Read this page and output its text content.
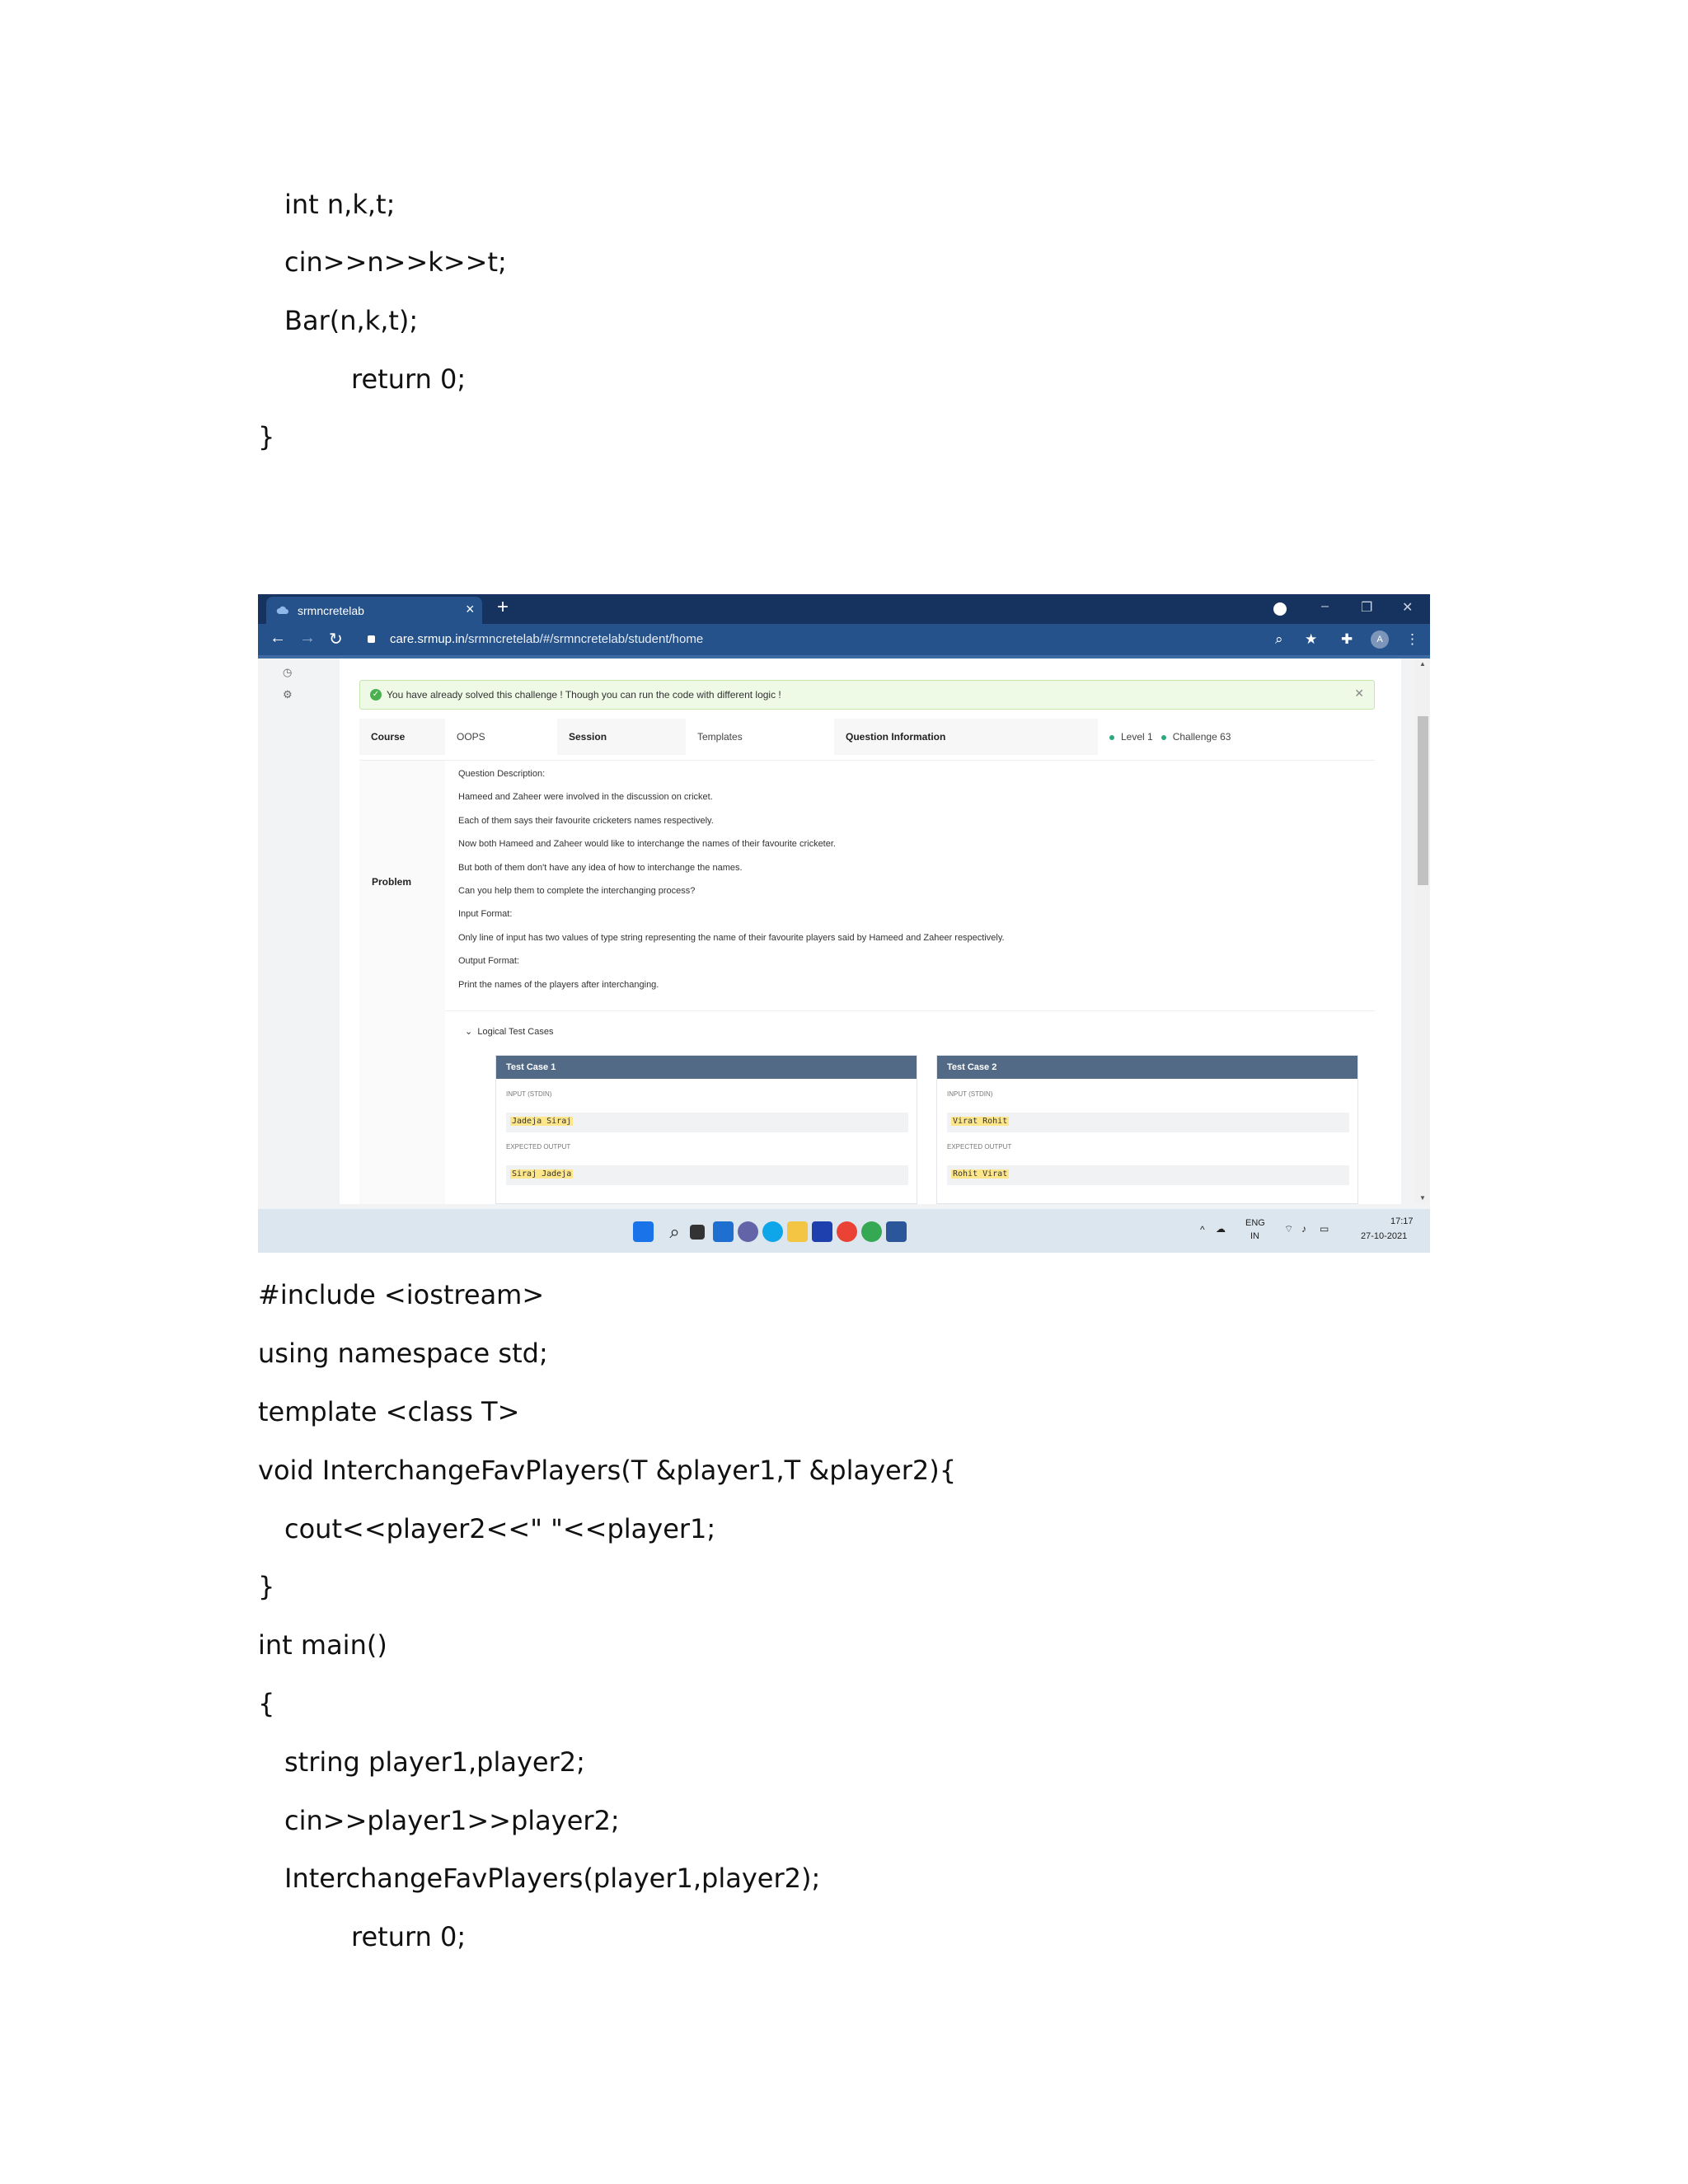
int n,k,t;
cin>>n>>k>>t;
Bar(n,k,t);
return 0;
}
srmncretelab	× +	– ❐ ✕
← → ↻	care.srmup.in/srmncretelab/#/srmncretelab/student/home	⌕ ★ ✚	A	⋮
◷
⚙	✓ You have already solved this challenge ! Though you can run the code with different logic !	✕
Course	OOPS	Session	Templates	Question Information	Level 1 Challenge 63
Problem
Question Description:
Hameed and Zaheer were involved in the discussion on cricket.
Each of them says their favourite cricketers names respectively.
Now both Hameed and Zaheer would like to interchange the names of their favourite cricketer.
But both of them don't have any idea of how to interchange the names.
Can you help them to complete the interchanging process?
Input Format:
Only line of input has two values of type string representing the name of their favourite players said by Hameed and Zaheer respectively.
Output Format:
Print the names of the players after interchanging.
⌄ Logical Test Cases
Test Case 1
INPUT (STDIN)
Jadeja Siraj
EXPECTED OUTPUT
Siraj Jadeja
Test Case 2
INPUT (STDIN)
Virat Rohit
EXPECTED OUTPUT
Rohit Virat
▲
▼
⌕	^ ☁ ENG
IN
⌔ ♪ ▭
17:17
27-10-2021
#include <iostream>
using namespace std;
template <class T>
void InterchangeFavPlayers(T &player1,T &player2){
cout<<player2<<" "<<player1;
}
int main()
{
string player1,player2;
cin>>player1>>player2;
InterchangeFavPlayers(player1,player2);
return 0;
